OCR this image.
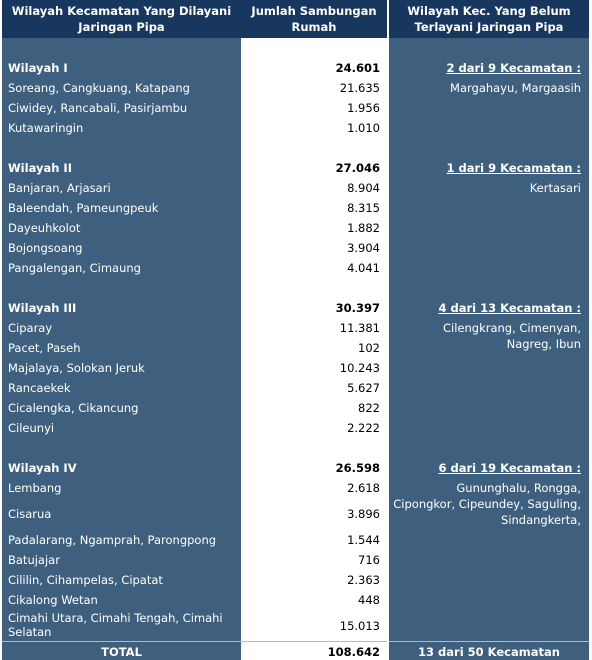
Wilayah Kecamatan Yang Dilayani Jaringan Pipa
Wilayah I
Soreang, Cangkuang, Katapang
Ciwidey, Rancabali, Pasirjambu
Kutawaringin
Wilayah II
Banjaran, Arjasari
Baleendah, Pameungpeuk
Dayeuhkolot
Bojongsoang
Pangalengan, Cimaung
Wilayah III
Ciparay
Pacet, Paseh
Majalaya, Solokan Jeruk
Rancaekek
Cicalengka, Cikancung
Cileunyi
Wilayah IV
Lembang
Cisarua
Padalarang, Ngamprah, Parongpong
Batujajar
Cililin, Cihampelas, Cipatat
Cikalong Wetan
Cimahi Utara, Cimahi Tengah, Cimahi Selatan
TOTAL
Jumlah Sambungan Rumah
24.601
21.635
1.956
1.010
27.046
8.904
8.315
1.882
3.904
4.041
30.397
11.381
102
10.243
5.627
822
2.222
26.598
2.618
3.896
1.544
716
2.363
448
15.013
108.642
Wilayah Kec. Yang Belum Terlayani Jaringan Pipa
2 dari 9 Kecamatan :
Margahayu, Margaasih
1 dari 9 Kecamatan :
Kertasari
4 dari 13 Kecamatan :
Cilengkrang, Cimenyan, Nagreg, Ibun
6 dari 19 Kecamatan :
Gununghalu, Rongga, Cipongkor, Cipeundey, Saguling, Sindangkerta,
13 dari 50 Kecamatan
